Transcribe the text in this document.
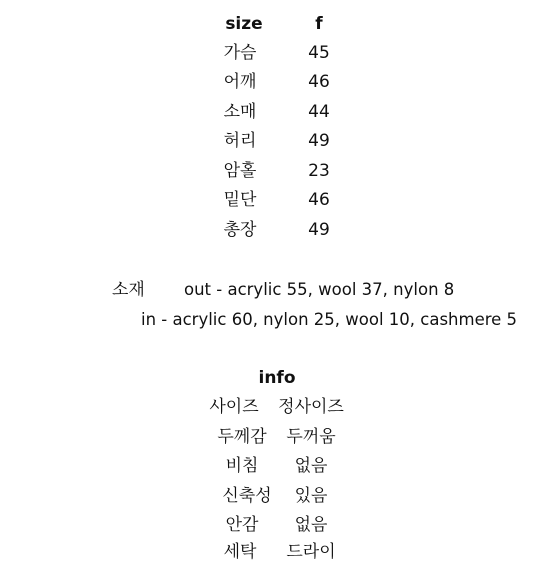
size	f
가슴	45
어깨	46
소매	44
허리	49
암홀	23
밑단	46
총장	49
소재 out - acrylic 55, wool 37, nylon 8
in - acrylic 60, nylon 25, wool 10, cashmere 5
info
사이즈 정사이즈
두께감 두꺼움
비침 없음
신축성 있음
안감 없음
세탁 드라이
